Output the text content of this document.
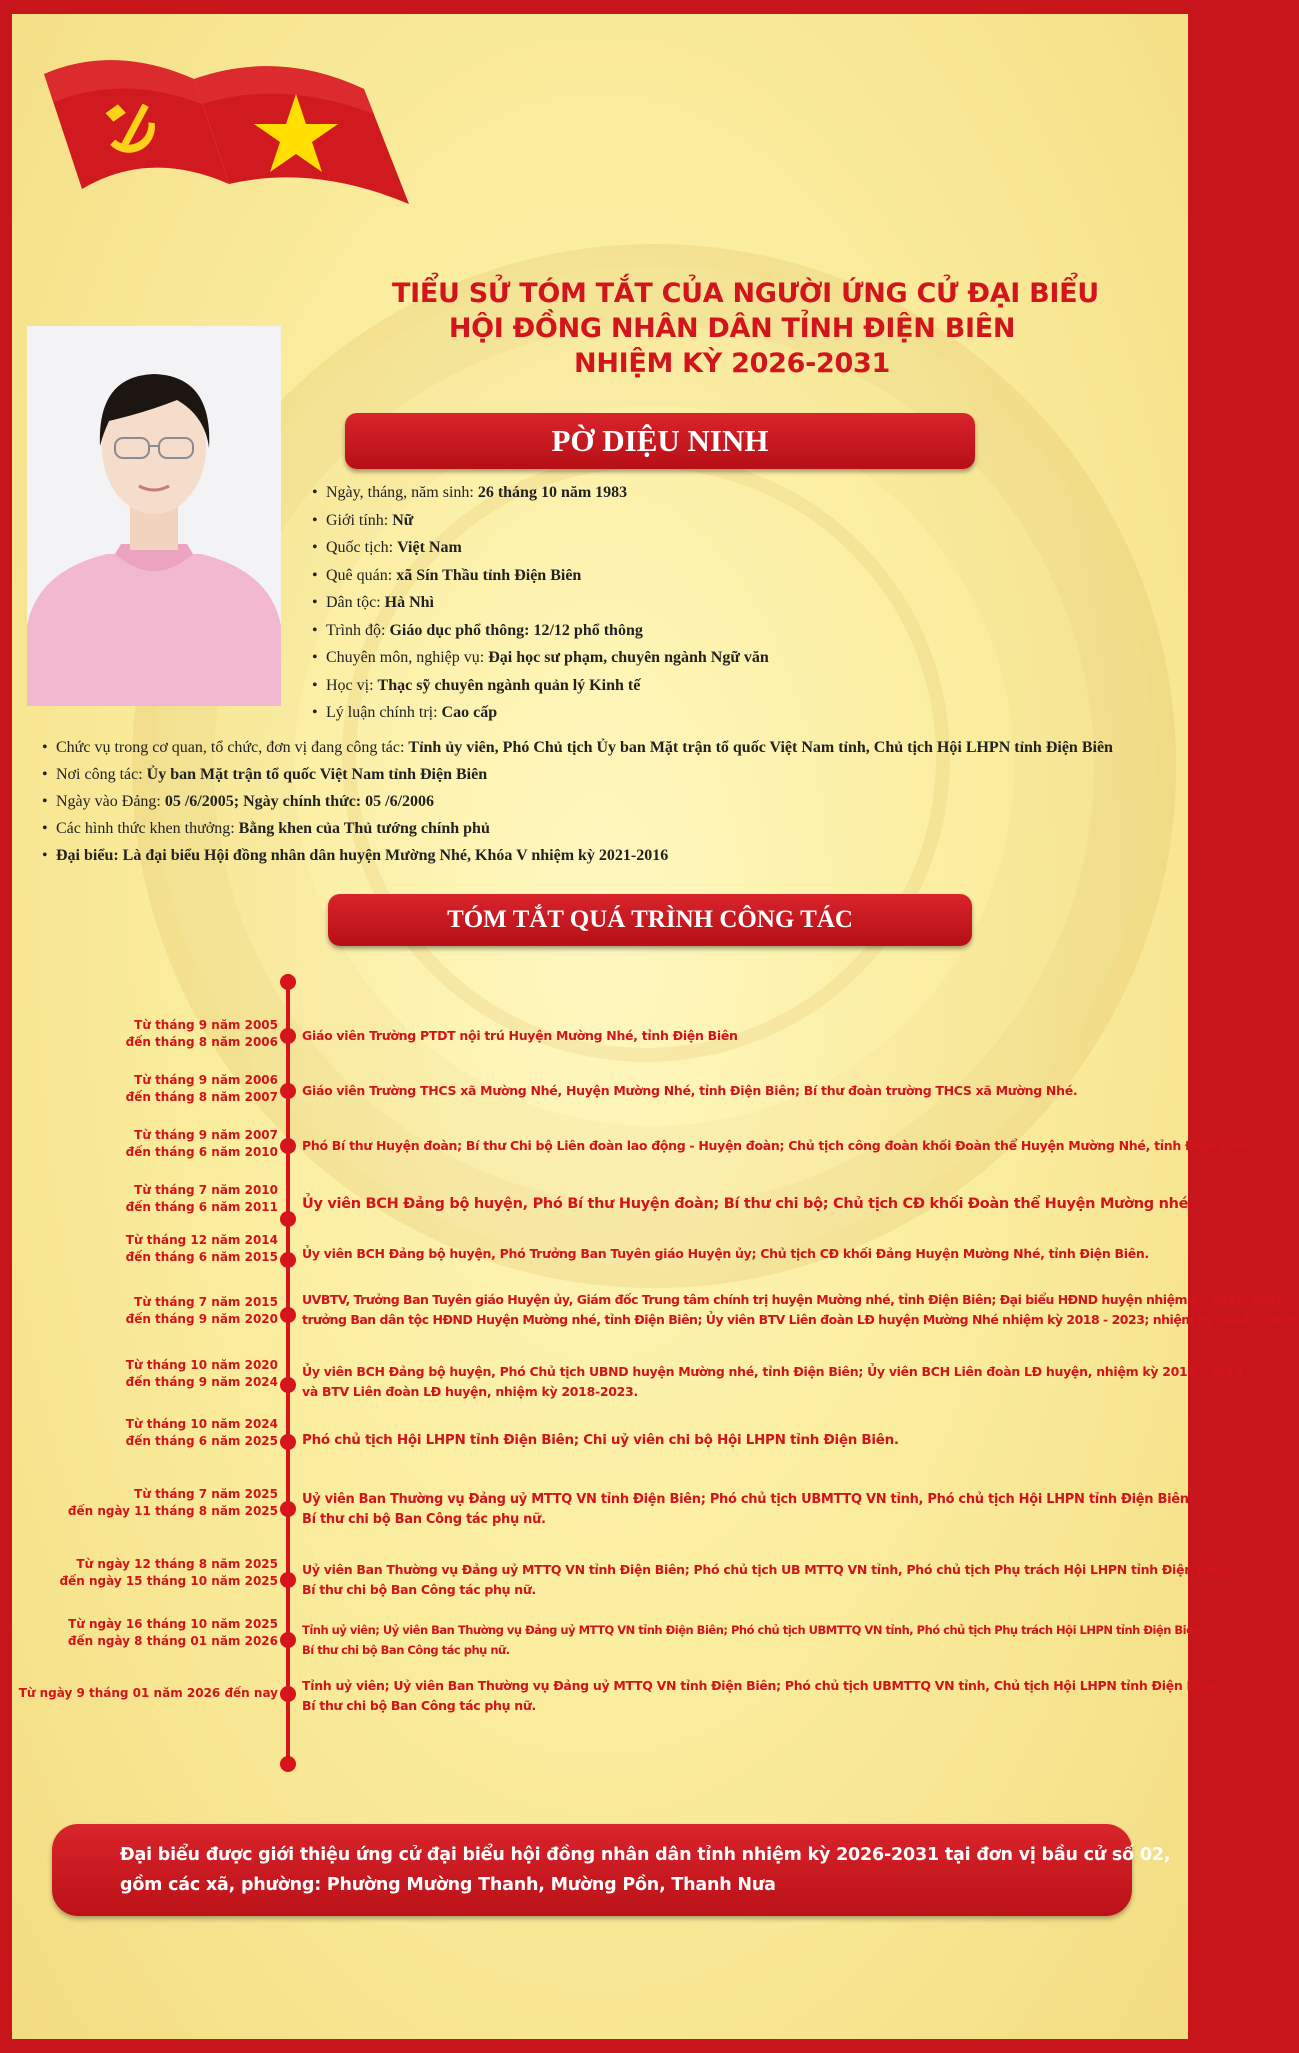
TIỂU SỬ TÓM TẮT CỦA NGƯỜI ỨNG CỬ ĐẠI BIỂU
HỘI ĐỒNG NHÂN DÂN TỈNH ĐIỆN BIÊN
NHIỆM KỲ 2026-2031
PỜ DIỆU NINH
• Ngày, tháng, năm sinh: 26 tháng 10 năm 1983
• Giới tính: Nữ
• Quốc tịch: Việt Nam
• Quê quán: xã Sín Thầu tỉnh Điện Biên
• Dân tộc: Hà Nhì
• Trình độ: Giáo dục phổ thông: 12/12 phổ thông
• Chuyên môn, nghiệp vụ: Đại học sư phạm, chuyên ngành Ngữ văn
• Học vị: Thạc sỹ chuyên ngành quản lý Kinh tế
• Lý luận chính trị: Cao cấp
• Chức vụ trong cơ quan, tổ chức, đơn vị đang công tác: Tỉnh ủy viên, Phó Chủ tịch Ủy ban Mặt trận tổ quốc Việt Nam tỉnh, Chủ tịch Hội LHPN tỉnh Điện Biên
• Nơi công tác: Ủy ban Mặt trận tổ quốc Việt Nam tỉnh Điện Biên
• Ngày vào Đảng: 05 /6/2005; Ngày chính thức: 05 /6/2006
• Các hình thức khen thưởng: Bằng khen của Thủ tướng chính phủ
• Đại biểu: Là đại biểu Hội đồng nhân dân huyện Mường Nhé, Khóa V nhiệm kỳ 2021-2016
TÓM TẮT QUÁ TRÌNH CÔNG TÁC
Từ tháng 9 năm 2005
đến tháng 8 năm 2006 Giáo viên Trường PTDT nội trú Huyện Mường Nhé, tỉnh Điện Biên
Từ tháng 9 năm 2006
đến tháng 8 năm 2007 Giáo viên Trường THCS xã Mường Nhé, Huyện Mường Nhé, tỉnh Điện Biên; Bí thư đoàn trường THCS xã Mường Nhé.
Từ tháng 9 năm 2007
đến tháng 6 năm 2010 Phó Bí thư Huyện đoàn; Bí thư Chi bộ Liên đoàn lao động - Huyện đoàn; Chủ tịch công đoàn khối Đoàn thể Huyện Mường Nhé, tỉnh Điện Biên
Từ tháng 7 năm 2010
đến tháng 6 năm 2011 Ủy viên BCH Đảng bộ huyện, Phó Bí thư Huyện đoàn; Bí thư chi bộ; Chủ tịch CĐ khối Đoàn thể Huyện Mường nhé
Từ tháng 12 năm 2014
đến tháng 6 năm 2015 Ủy viên BCH Đảng bộ huyện, Phó Trưởng Ban Tuyên giáo Huyện ủy; Chủ tịch CĐ khối Đảng Huyện Mường Nhé, tỉnh Điện Biên.
Từ tháng 7 năm 2015
đến tháng 9 năm 2020
UVBTV, Trưởng Ban Tuyên giáo Huyện ủy, Giám đốc Trung tâm chính trị huyện Mường nhé, tỉnh Điện Biên; Đại biểu HĐND huyện nhiệm kỳ 2021- 2026,
trưởng Ban dân tộc HĐND Huyện Mường nhé, tỉnh Điện Biên; Ủy viên BTV Liên đoàn LĐ huyện Mường Nhé nhiệm kỳ 2018 - 2023; nhiệm kỳ 2024 - 2029.
Từ tháng 10 năm 2020
đến tháng 9 năm 2024
Ủy viên BCH Đảng bộ huyện, Phó Chủ tịch UBND huyện Mường nhé, tỉnh Điện Biên; Ủy viên BCH Liên đoàn LĐ huyện, nhiệm kỳ 2013 - 2018
và BTV Liên đoàn LĐ huyện, nhiệm kỳ 2018-2023.
Từ tháng 10 năm 2024
đến tháng 6 năm 2025 Phó chủ tịch Hội LHPN tỉnh Điện Biên; Chi uỷ viên chi bộ Hội LHPN tỉnh Điện Biên.
Từ tháng 7 năm 2025
đến ngày 11 tháng 8 năm 2025
Uỷ viên Ban Thường vụ Đảng uỷ MTTQ VN tỉnh Điện Biên; Phó chủ tịch UBMTTQ VN tỉnh, Phó chủ tịch Hội LHPN tỉnh Điện Biên;
Bí thư chi bộ Ban Công tác phụ nữ.
Từ ngày 12 tháng 8 năm 2025
đến ngày 15 tháng 10 năm 2025
Uỷ viên Ban Thường vụ Đảng uỷ MTTQ VN tỉnh Điện Biên; Phó chủ tịch UB MTTQ VN tỉnh, Phó chủ tịch Phụ trách Hội LHPN tỉnh Điện Biên;
Bí thư chi bộ Ban Công tác phụ nữ.
Từ ngày 16 tháng 10 năm 2025
đến ngày 8 tháng 01 năm 2026
Tỉnh uỷ viên; Uỷ viên Ban Thường vụ Đảng uỷ MTTQ VN tỉnh Điện Biên; Phó chủ tịch UBMTTQ VN tỉnh, Phó chủ tịch Phụ trách Hội LHPN tỉnh Điện Biên;
Bí thư chi bộ Ban Công tác phụ nữ.
Từ ngày 9 tháng 01 năm 2026 đến nay Tỉnh uỷ viên; Uỷ viên Ban Thường vụ Đảng uỷ MTTQ VN tỉnh Điện Biên; Phó chủ tịch UBMTTQ VN tỉnh, Chủ tịch Hội LHPN tỉnh Điện Biên;
Bí thư chi bộ Ban Công tác phụ nữ.
Đại biểu được giới thiệu ứng cử đại biểu hội đồng nhân dân tỉnh nhiệm kỳ 2026-2031 tại đơn vị bầu cử số 02,
gồm các xã, phường: Phường Mường Thanh, Mường Pồn, Thanh Nưa
